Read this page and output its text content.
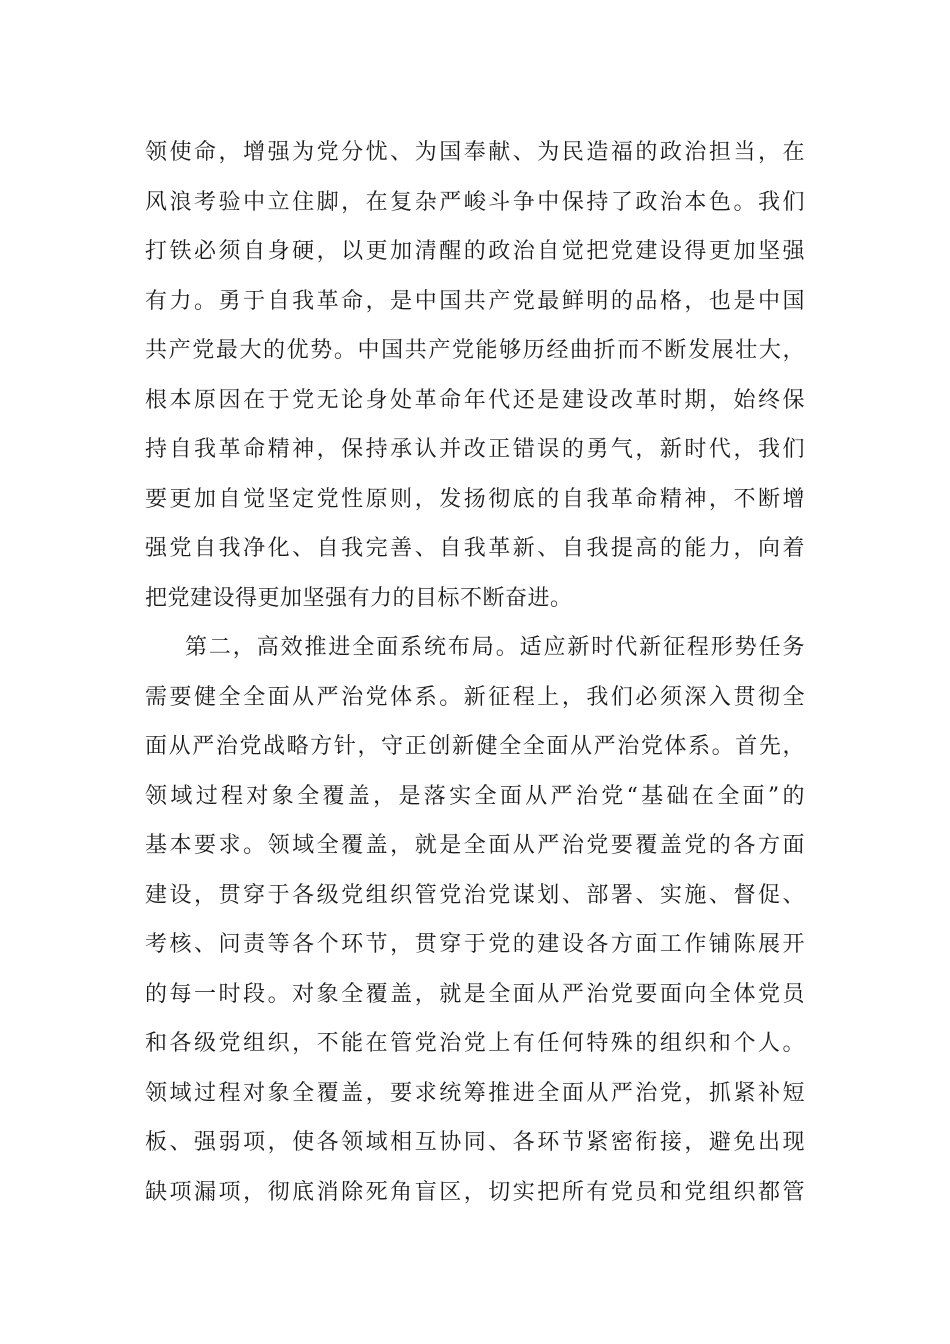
领使命，增强为党分忧、为国奉献、为民造福的政治担当，在
风浪考验中立住脚，在复杂严峻斗争中保持了政治本色。我们
打铁必须自身硬，以更加清醒的政治自觉把党建设得更加坚强
有力。勇于自我革命，是中国共产党最鲜明的品格，也是中国
共产党最大的优势。中国共产党能够历经曲折而不断发展壮大，
根本原因在于党无论身处革命年代还是建设改革时期，始终保
持自我革命精神，保持承认并改正错误的勇气，新时代，我们
要更加自觉坚定党性原则，发扬彻底的自我革命精神，不断增
强党自我净化、自我完善、自我革新、自我提高的能力，向着
把党建设得更加坚强有力的目标不断奋进。
第二，高效推进全面系统布局。适应新时代新征程形势任务
需要健全全面从严治党体系。新征程上，我们必须深入贯彻全
面从严治党战略方针，守正创新健全全面从严治党体系。首先，
领域过程对象全覆盖，是落实全面从严治党“基础在全面”的
基本要求。领域全覆盖，就是全面从严治党要覆盖党的各方面
建设，贯穿于各级党组织管党治党谋划、部署、实施、督促、
考核、问责等各个环节，贯穿于党的建设各方面工作铺陈展开
的每一时段。对象全覆盖，就是全面从严治党要面向全体党员
和各级党组织，不能在管党治党上有任何特殊的组织和个人。
领域过程对象全覆盖，要求统筹推进全面从严治党，抓紧补短
板、强弱项，使各领域相互协同、各环节紧密衔接，避免出现
缺项漏项，彻底消除死角盲区，切实把所有党员和党组织都管
